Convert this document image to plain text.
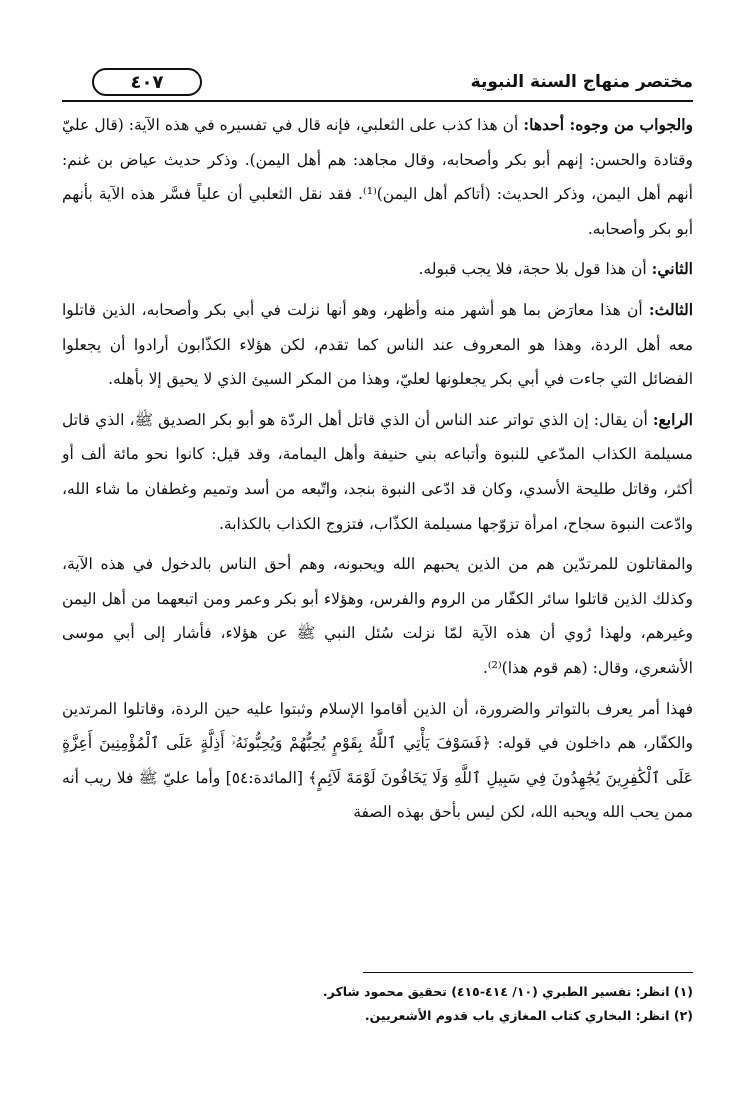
٤٠٧	مختصر منهاج السنة النبوية

والجواب من وجوه: أحدها: أن هذا كذب على الثعلبي، فإنه قال في تفسيره في هذه الآية: (قال عليّ وقتادة والحسن: إنهم أبو بكر وأصحابه، وقال مجاهد: هم أهل اليمن). وذكر حديث عياض بن غنم: أنهم أهل اليمن، وذكر الحديث: (أتاكم أهل اليمن)⁽¹⁾. فقد نقل الثعلبي أن علياً فسَّر هذه الآية بأنهم أبو بكر وأصحابه.

الثاني: أن هذا قول بلا حجة، فلا يجب قبوله.

الثالث: أن هذا معارَض بما هو أشهر منه وأظهر، وهو أنها نزلت في أبي بكر وأصحابه، الذين قاتلوا معه أهل الردة، وهذا هو المعروف عند الناس كما تقدم، لكن هؤلاء الكذّابون أرادوا أن يجعلوا الفضائل التي جاءت في أبي بكر يجعلونها لعليّ، وهذا من المكر السيئ الذي لا يحيق إلا بأهله.

الرابع: أن يقال: إن الذي تواتر عند الناس أن الذي قاتل أهل الردّة هو أبو بكر الصديق ﷺ، الذي قاتل مسيلمة الكذاب المدّعي للنبوة وأتباعه بني حنيفة وأهل اليمامة، وقد قيل: كانوا نحو مائة ألف أو أكثر، وقاتل طليحة الأسدي، وكان قد ادّعى النبوة بنجد، واتّبعه من أسد وتميم وغطفان ما شاء الله، وادّعت النبوة سجاح، امرأة تزوّجها مسيلمة الكذّاب، فتزوج الكذاب بالكذابة.

والمقاتلون للمرتدّين هم من الذين يحبهم الله ويحبونه، وهم أحق الناس بالدخول في هذه الآية، وكذلك الذين قاتلوا سائر الكفّار من الروم والفرس، وهؤلاء أبو بكر وعمر ومن اتبعهما من أهل اليمن وغيرهم، ولهذا رُوي أن هذه الآية لمّا نزلت سُئل النبي ﷺ عن هؤلاء، فأشار إلى أبي موسى الأشعري، وقال: (هم قوم هذا)⁽²⁾.

فهذا أمر يعرف بالتواتر والضرورة، أن الذين أقاموا الإسلام وثبتوا عليه حين الردة، وقاتلوا المرتدين والكفّار، هم داخلون في قوله: ﴿فَسَوْفَ يَأْتِي ٱللَّهُ بِقَوْمٍ يُحِبُّهُمْ وَيُحِبُّونَهُۥٓ أَذِلَّةٍ عَلَى ٱلْمُؤْمِنِينَ أَعِزَّةٍ عَلَى ٱلْكَٰفِرِينَ يُجَٰهِدُونَ فِي سَبِيلِ ٱللَّهِ وَلَا يَخَافُونَ لَوْمَةَ لَآئِمٍ﴾ [المائدة:٥٤] وأما عليّ ﷺ فلا ريب أنه ممن يحب الله ويحبه الله، لكن ليس بأحق بهذه الصفة

(١) انظر: تفسير الطبري (١٠/ ٤١٤-٤١٥) تحقيق محمود شاكر.
(٢) انظر: البخاري كتاب المغازي باب قدوم الأشعريين.
